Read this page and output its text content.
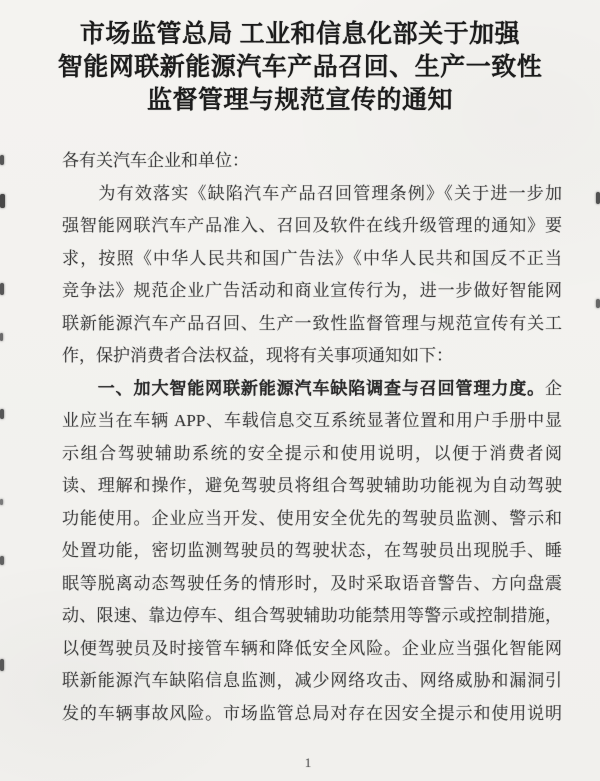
市场监管总局 工业和信息化部关于加强
智能网联新能源汽车产品召回、生产一致性
监督管理与规范宣传的通知
各有关汽车企业和单位：
　　为有效落实《缺陷汽车产品召回管理条例》《关于进一步加
强智能网联汽车产品准入、召回及软件在线升级管理的通知》要
求，按照《中华人民共和国广告法》《中华人民共和国反不正当
竞争法》规范企业广告活动和商业宣传行为，进一步做好智能网
联新能源汽车产品召回、生产一致性监督管理与规范宣传有关工
作，保护消费者合法权益，现将有关事项通知如下：
　　一、加大智能网联新能源汽车缺陷调查与召回管理力度。企
业应当在车辆 APP、车载信息交互系统显著位置和用户手册中显
示组合驾驶辅助系统的安全提示和使用说明，以便于消费者阅
读、理解和操作，避免驾驶员将组合驾驶辅助功能视为自动驾驶
功能使用。企业应当开发、使用安全优先的驾驶员监测、警示和
处置功能，密切监测驾驶员的驾驶状态，在驾驶员出现脱手、睡
眠等脱离动态驾驶任务的情形时，及时采取语音警告、方向盘震
动、限速、靠边停车、组合驾驶辅助功能禁用等警示或控制措施，
以便驾驶员及时接管车辆和降低安全风险。企业应当强化智能网
联新能源汽车缺陷信息监测，减少网络攻击、网络威胁和漏洞引
发的车辆事故风险。市场监管总局对存在因安全提示和使用说明
1
